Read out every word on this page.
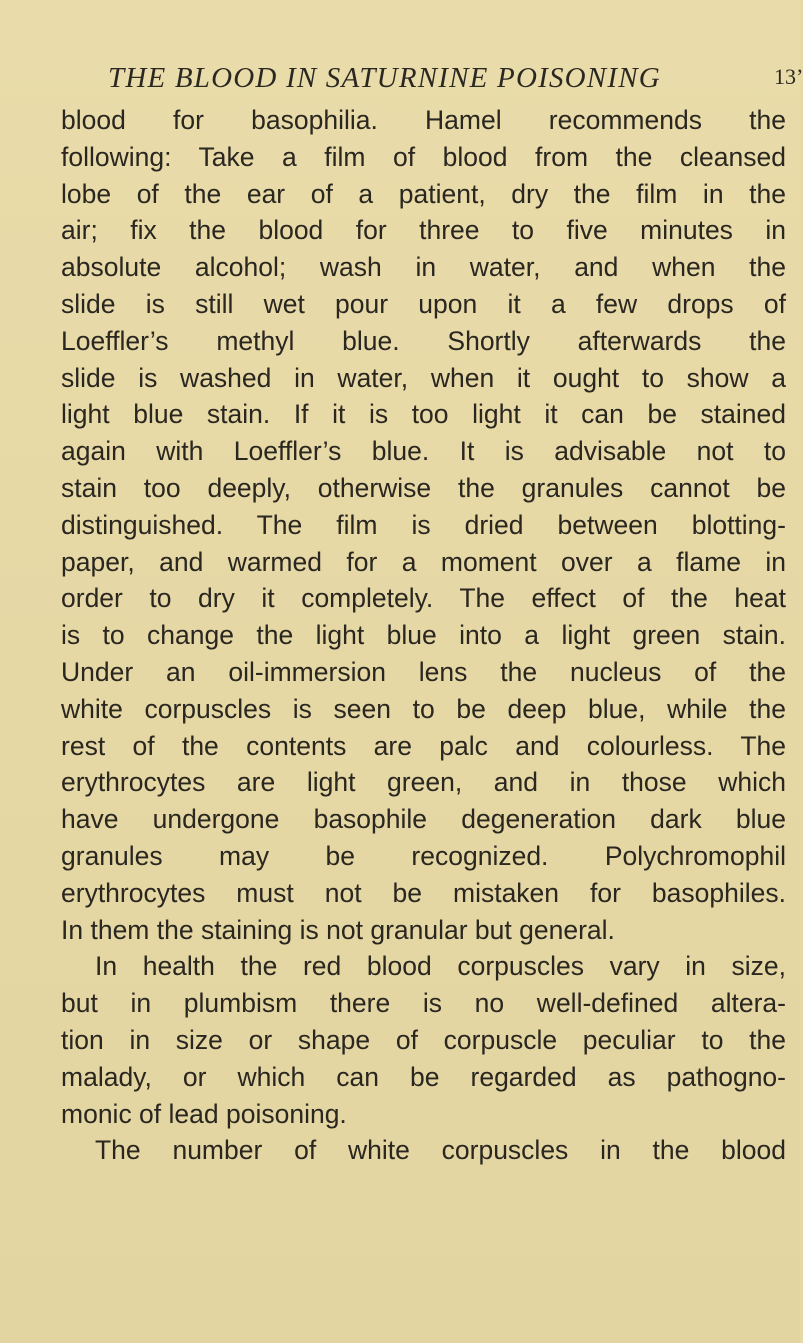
THE BLOOD IN SATURNINE POISONING	13’
blood for basophilia. Hamel recommends the
following: Take a film of blood from the cleansed
lobe of the ear of a patient, dry the film in the
air; fix the blood for three to five minutes in
absolute alcohol; wash in water, and when the
slide is still wet pour upon it a few drops of
Loeffler’s methyl blue. Shortly afterwards the
slide is washed in water, when it ought to show a
light blue stain. If it is too light it can be stained
again with Loeffler’s blue. It is advisable not to
stain too deeply, otherwise the granules cannot be
distinguished. The film is dried between blotting-
paper, and warmed for a moment over a flame in
order to dry it completely. The effect of the heat
is to change the light blue into a light green stain.
Under an oil-immersion lens the nucleus of the
white corpuscles is seen to be deep blue, while the
rest of the contents are palc and colourless. The
erythrocytes are light green, and in those which
have undergone basophile degeneration dark blue
granules may be recognized. Polychromophil
erythrocytes must not be mistaken for basophiles.
In them the staining is not granular but general.
In health the red blood corpuscles vary in size,
but in plumbism there is no well-defined altera-
tion in size or shape of corpuscle peculiar to the
malady, or which can be regarded as pathogno-
monic of lead poisoning.
The number of white corpuscles in the blood
